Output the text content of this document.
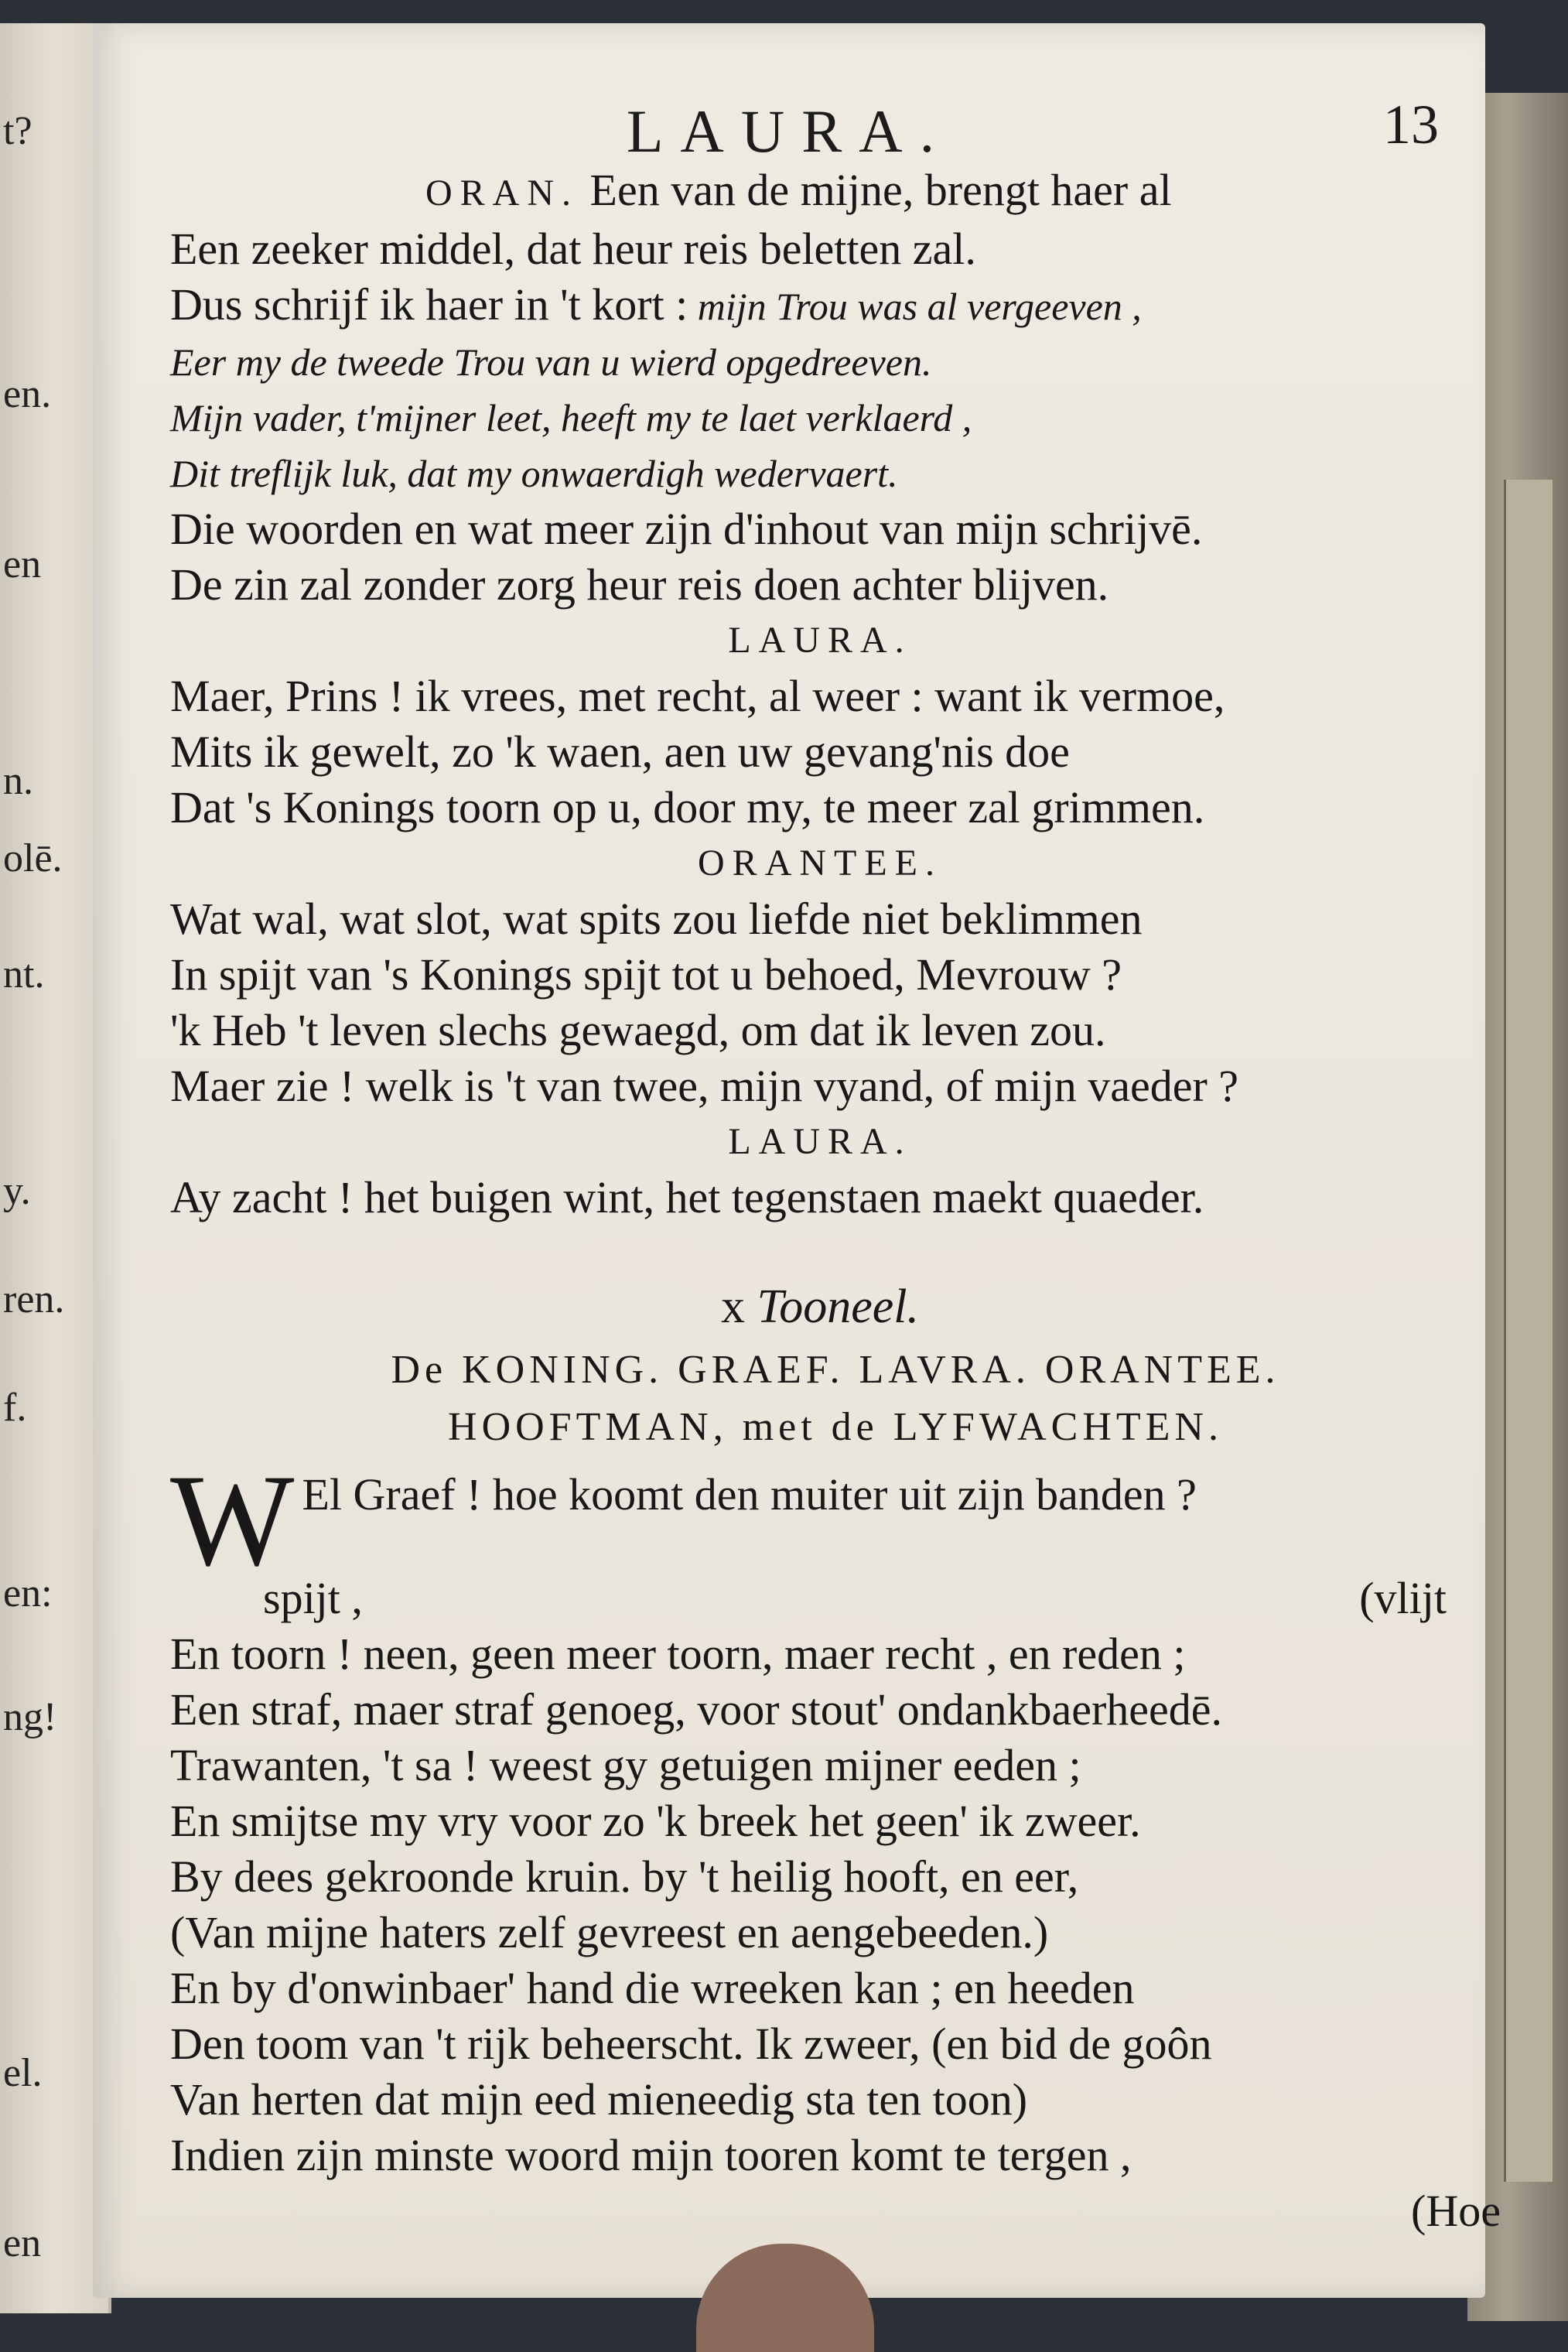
t?
en.
en
n.
olē.
nt.
y.
ren.
f.
en:
ng!
el.
en
LAURA.	13
ORAN. Een van de mijne, brengt haer al
Een zeeker middel, dat heur reis beletten zal.
Dus schrijf ik haer in 't kort : mijn Trou was al vergeeven ,
Eer my de tweede Trou van u wierd opgedreeven.
Mijn vader, t'mijner leet, heeft my te laet verklaerd ,
Dit treflijk luk, dat my onwaerdigh wedervaert.
Die woorden en wat meer zijn d'inhout van mijn schrijvē.
De zin zal zonder zorg heur reis doen achter blijven.
LAURA.
Maer, Prins ! ik vrees, met recht, al weer : want ik vermoe,
Mits ik gewelt, zo 'k waen, aen uw gevang'nis doe
Dat 's Konings toorn op u, door my, te meer zal grimmen.
ORANTEE.
Wat wal, wat slot, wat spits zou liefde niet beklimmen
In spijt van 's Konings spijt tot u behoed, Mevrouw ?
'k Heb 't leven slechs gewaegd, om dat ik leven zou.
Maer zie ! welk is 't van twee, mijn vyand, of mijn vaeder ?
LAURA.
Ay zacht ! het buigen wint, het tegenstaen maekt quaeder.
x Tooneel.
De KONING. GRAEF. LAVRA. ORANTEE.
HOOFTMAN, met de LYFWACHTEN.
W El Graef ! hoe koomt den muiter uit zijn banden ?
spijt ,	(vlijt
En toorn ! neen, geen meer toorn, maer recht , en reden ;
Een straf, maer straf genoeg, voor stout' ondankbaerheedē.
Trawanten, 't sa ! weest gy getuigen mijner eeden ;
En smijtse my vry voor zo 'k breek het geen' ik zweer.
By dees gekroonde kruin. by 't heilig hooft, en eer,
(Van mijne haters zelf gevreest en aengebeeden.)
En by d'onwinbaer' hand die wreeken kan ; en heeden
Den toom van 't rijk beheerscht. Ik zweer, (en bid de goôn
Van herten dat mijn eed mieneedig sta ten toon)
Indien zijn minste woord mijn tooren komt te tergen ,
(Hoe
